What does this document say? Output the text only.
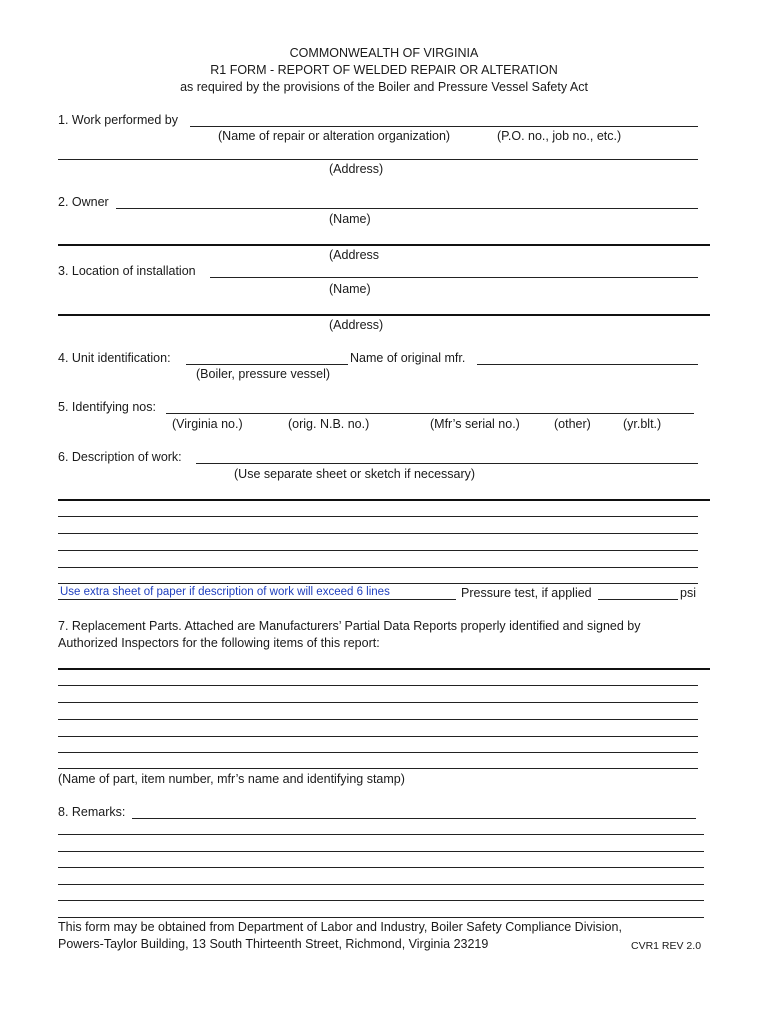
COMMONWEALTH OF VIRGINIA
R1 FORM - REPORT OF WELDED REPAIR OR ALTERATION
as required by the provisions of the Boiler and Pressure Vessel Safety Act
1. Work performed by
(Name of repair or alteration organization)	(P.O. no., job no., etc.)
(Address)
2. Owner
(Name)
(Address
3. Location of installation
(Name)
(Address)
4. Unit identification:	Name of original mfr.
(Boiler, pressure vessel)
5. Identifying nos:
(Virginia no.)	(orig. N.B. no.)	(Mfr’s serial no.)	(other)	(yr.blt.)
6. Description of work:
(Use separate sheet or sketch if necessary)
Use extra sheet of paper if description of work will exceed 6 lines	Pressure test, if applied	psi
7. Replacement Parts. Attached are Manufacturers’ Partial Data Reports properly identified and signed by
Authorized Inspectors for the following items of this report:
(Name of part, item number, mfr’s name and identifying stamp)
8. Remarks:
This form may be obtained from Department of Labor and Industry, Boiler Safety Compliance Division,
Powers-Taylor Building, 13 South Thirteenth Street, Richmond, Virginia 23219	CVR1 REV 2.0
